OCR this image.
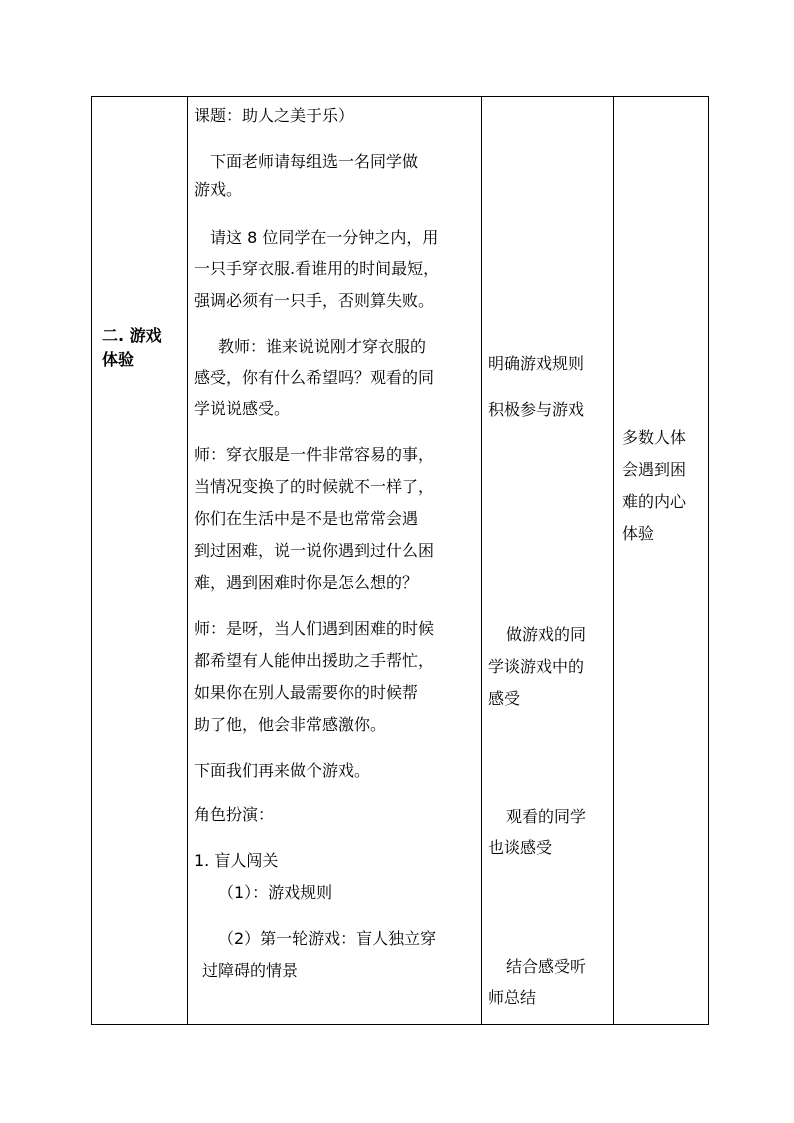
二. 游戏
体验

课题：助人之美于乐）
下面老师请每组选一名同学做
游戏。
请这 8 位同学在一分钟之内，用
一只手穿衣服.看谁用的时间最短，
强调必须有一只手，否则算失败。
教师：谁来说说刚才穿衣服的
感受，你有什么希望吗？观看的同
学说说感受。
师：穿衣服是一件非常容易的事，
当情况变换了的时候就不一样了，
你们在生活中是不是也常常会遇
到过困难，说一说你遇到过什么困
难，遇到困难时你是怎么想的？
师：是呀，当人们遇到困难的时候
都希望有人能伸出援助之手帮忙，
如果你在别人最需要你的时候帮
助了他，他会非常感激你。
下面我们再来做个游戏。
角色扮演：
1. 盲人闯关
（1）：游戏规则
（2）第一轮游戏：盲人独立穿
过障碍的情景

明确游戏规则
积极参与游戏
做游戏的同
学谈游戏中的
感受
观看的同学
也谈感受
结合感受听
师总结

多数人体
会遇到困
难的内心
体验
